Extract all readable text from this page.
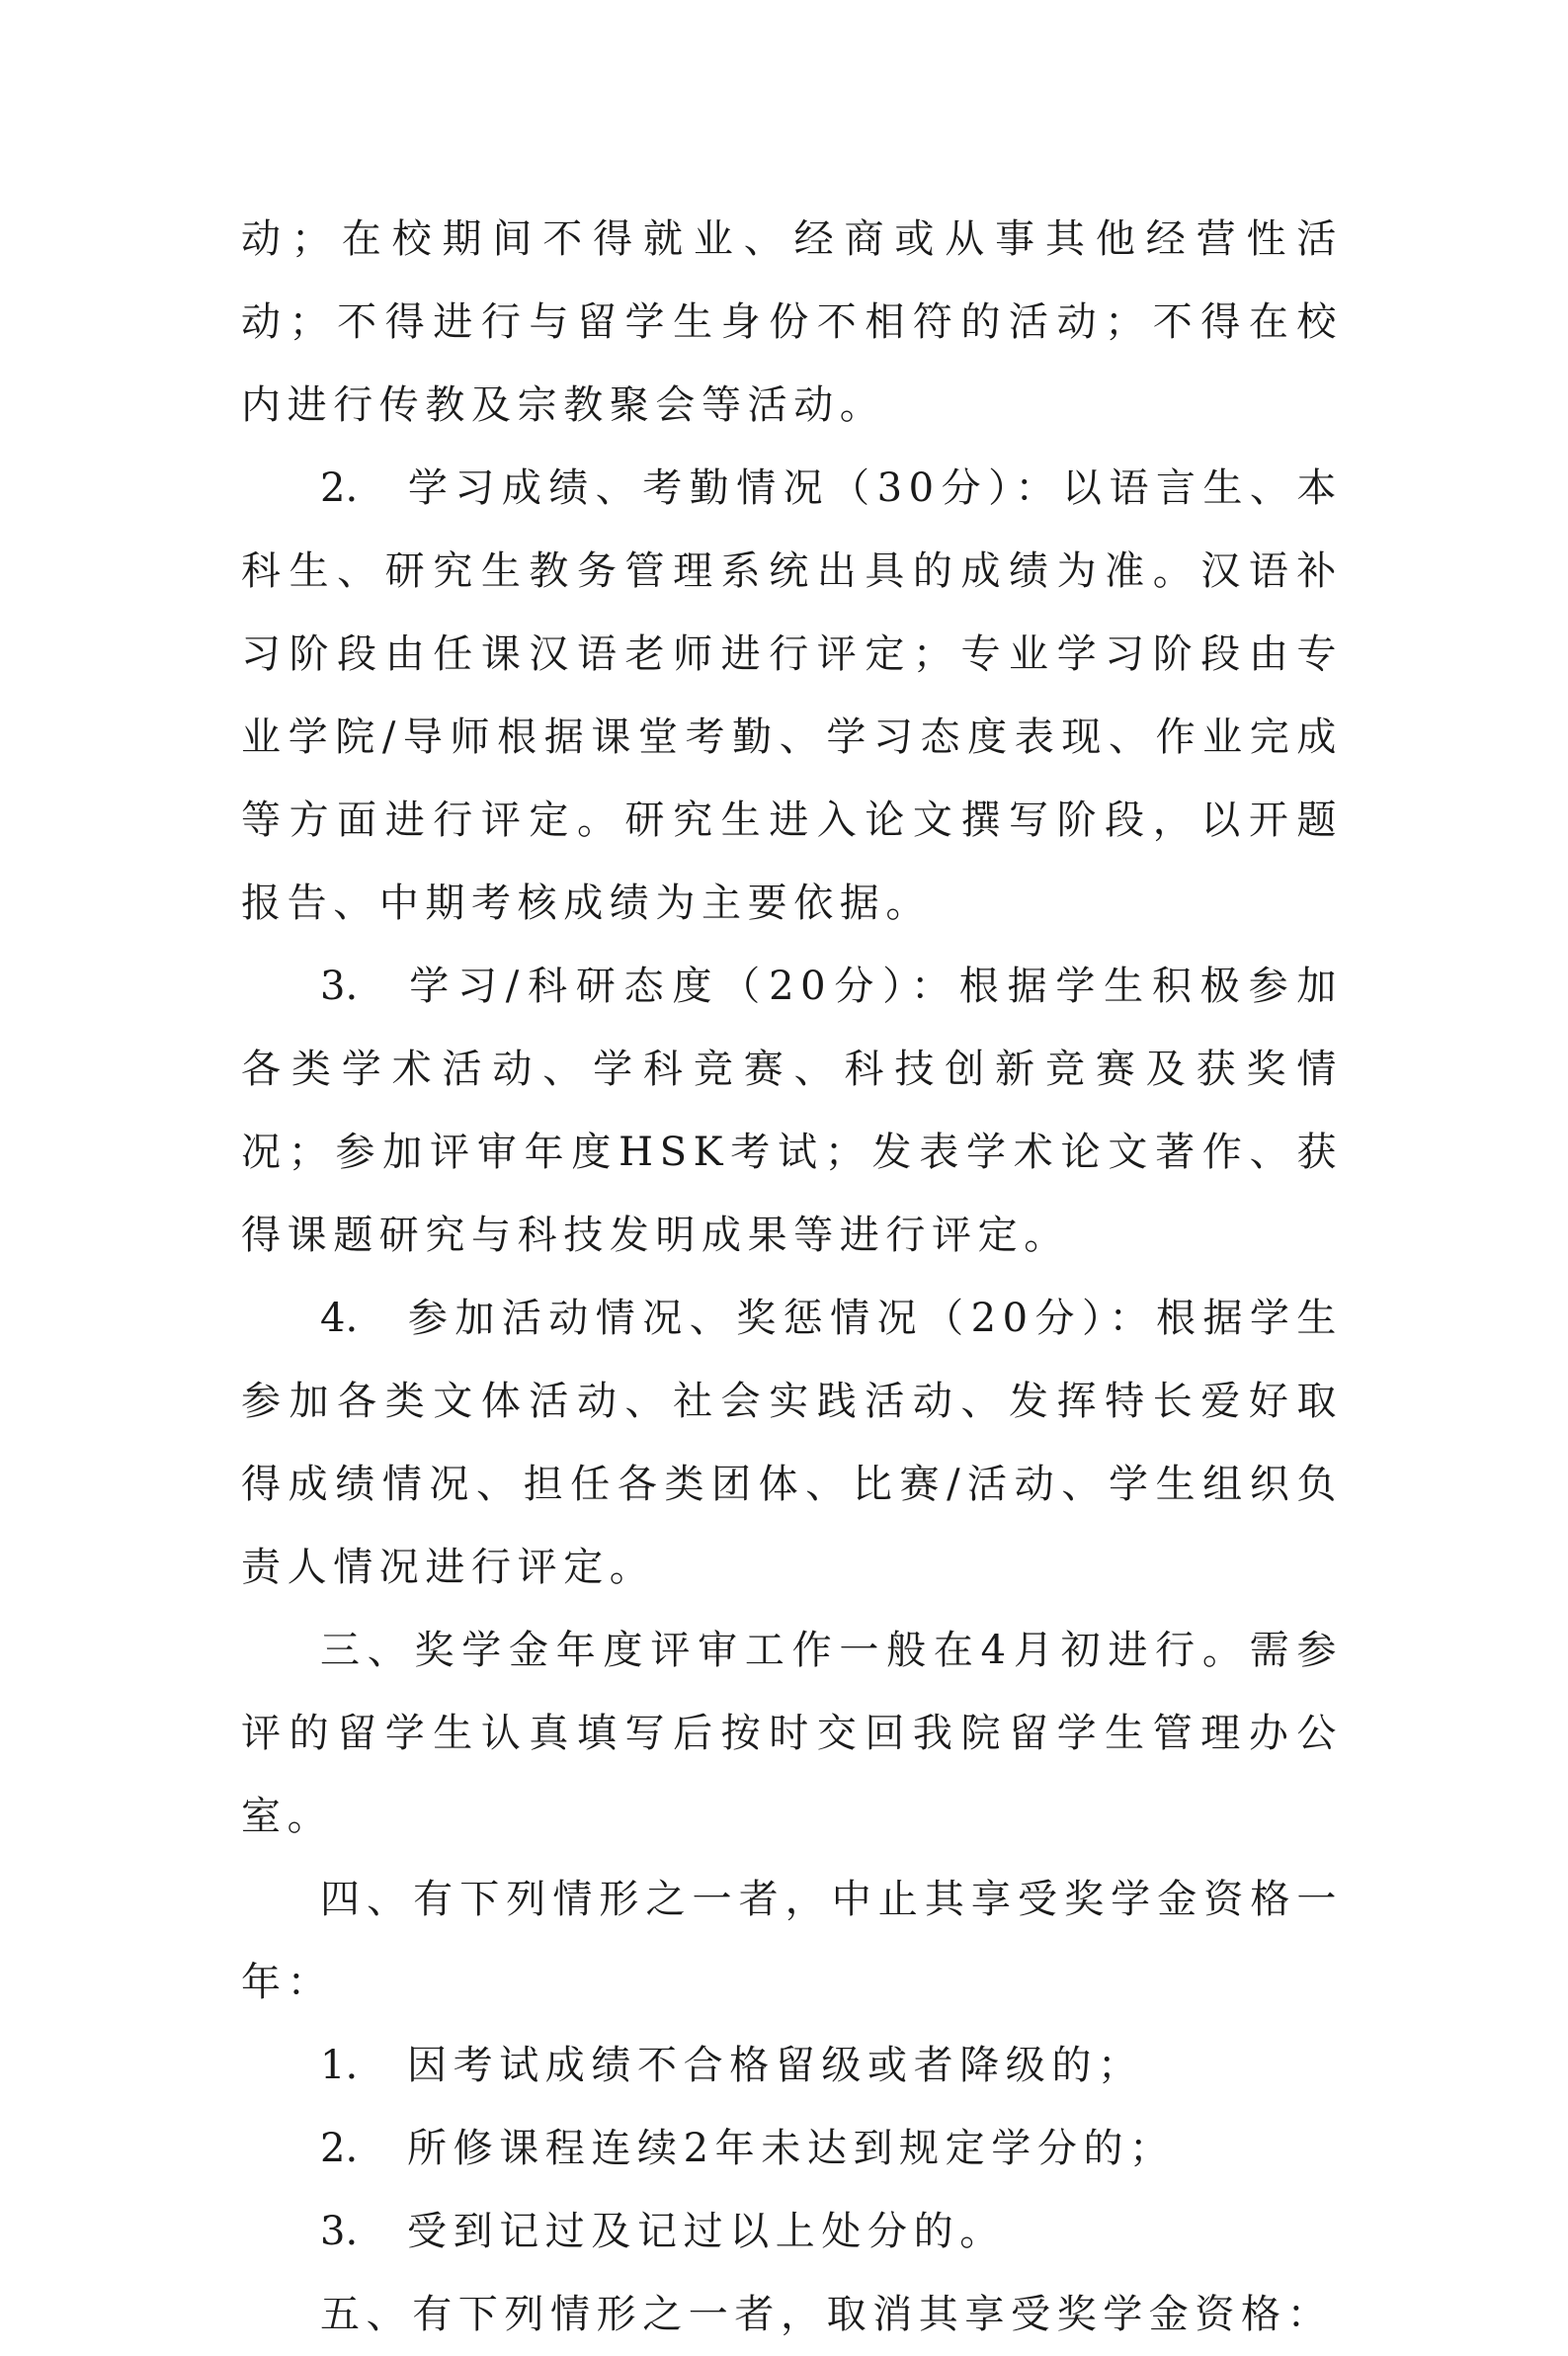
动；在校期间不得就业、经商或从事其他经营性活动；不得进行与留学生身份不相符的活动；不得在校内进行传教及宗教聚会等活动。

2. 学习成绩、考勤情况（30分）：以语言生、本科生、研究生教务管理系统出具的成绩为准。汉语补习阶段由任课汉语老师进行评定；专业学习阶段由专业学院/导师根据课堂考勤、学习态度表现、作业完成等方面进行评定。研究生进入论文撰写阶段，以开题报告、中期考核成绩为主要依据。

3. 学习/科研态度（20分）：根据学生积极参加各类学术活动、学科竞赛、科技创新竞赛及获奖情况；参加评审年度HSK考试；发表学术论文著作、获得课题研究与科技发明成果等进行评定。

4. 参加活动情况、奖惩情况（20分）：根据学生参加各类文体活动、社会实践活动、发挥特长爱好取得成绩情况、担任各类团体、比赛/活动、学生组织负责人情况进行评定。

三、奖学金年度评审工作一般在4月初进行。需参评的留学生认真填写后按时交回我院留学生管理办公室。

四、有下列情形之一者，中止其享受奖学金资格一年：

1. 因考试成绩不合格留级或者降级的；

2. 所修课程连续2年未达到规定学分的；

3. 受到记过及记过以上处分的。

五、有下列情形之一者，取消其享受奖学金资格：
